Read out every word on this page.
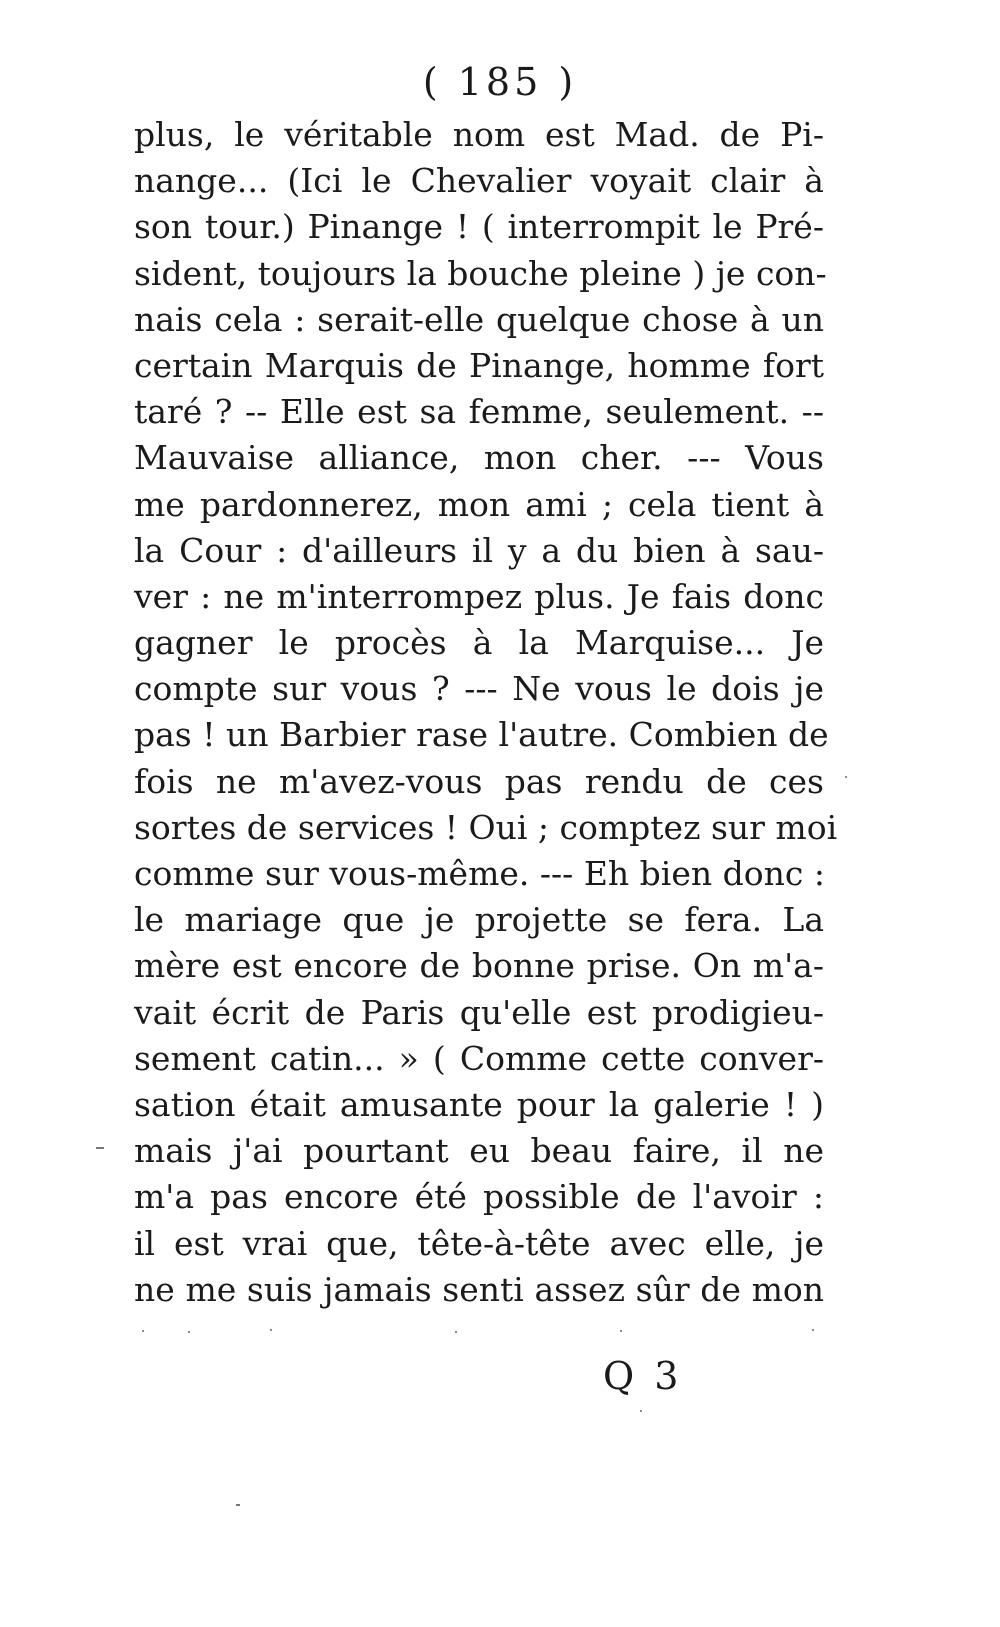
( 185 )
plus, le véritable nom est Mad. de Pi-
nange... (Ici le Chevalier voyait clair à
son tour.) Pinange ! ( interrompit le Pré-
sident, toujours la bouche pleine ) je con-
nais cela : serait-elle quelque chose à un
certain Marquis de Pinange, homme fort
taré ? -- Elle est sa femme, seulement. --
Mauvaise alliance, mon cher. --- Vous
me pardonnerez, mon ami ; cela tient à
la Cour : d'ailleurs il y a du bien à sau-
ver : ne m'interrompez plus. Je fais donc
gagner le procès à la Marquise... Je
compte sur vous ? --- Ne vous le dois je
pas ! un Barbier rase l'autre. Combien de
fois ne m'avez-vous pas rendu de ces
sortes de services ! Oui ; comptez sur moi
comme sur vous-même. --- Eh bien donc :
le mariage que je projette se fera. La
mère est encore de bonne prise. On m'a-
vait écrit de Paris qu'elle est prodigieu-
sement catin... » ( Comme cette conver-
sation était amusante pour la galerie ! )
mais j'ai pourtant eu beau faire, il ne
m'a pas encore été possible de l'avoir :
il est vrai que, tête-à-tête avec elle, je
ne me suis jamais senti assez sûr de mon
Q 3
